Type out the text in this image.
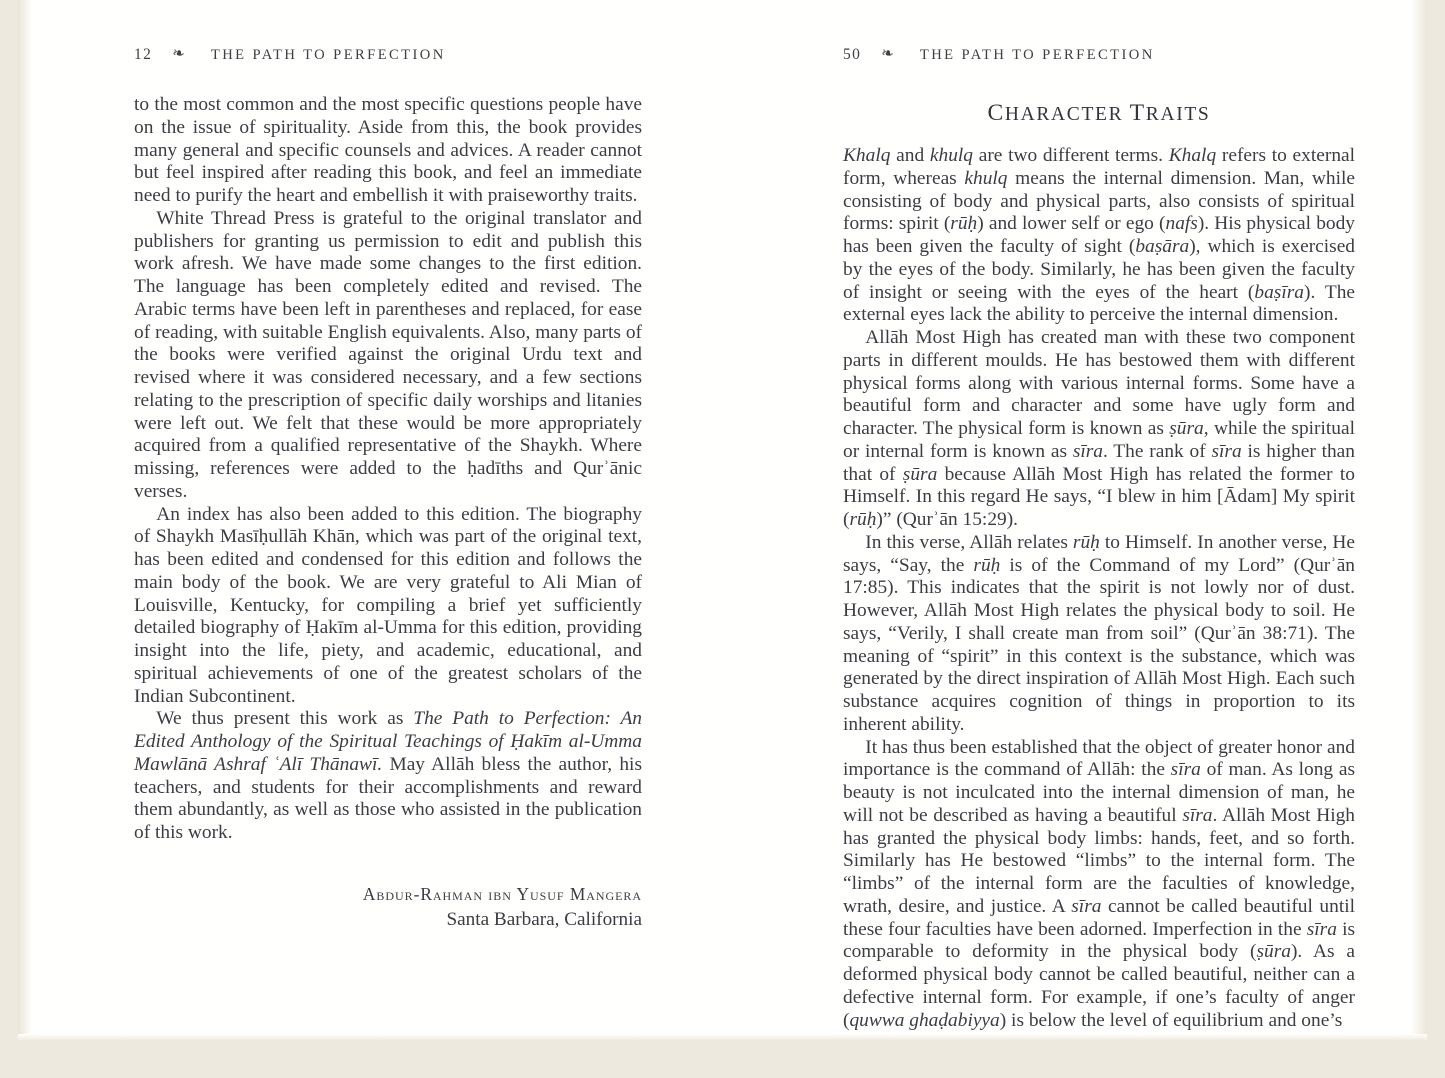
12 ❧ THE PATH TO PERFECTION

to the most common and the most specific questions people have on the issue of spirituality. Aside from this, the book provides many general and specific counsels and advices. A reader cannot but feel inspired after reading this book, and feel an immediate need to purify the heart and embellish it with praiseworthy traits.

White Thread Press is grateful to the original translator and publishers for granting us permission to edit and publish this work afresh. We have made some changes to the first edition. The language has been completely edited and revised. The Arabic terms have been left in parentheses and replaced, for ease of reading, with suitable English equivalents. Also, many parts of the books were verified against the original Urdu text and revised where it was considered necessary, and a few sections relating to the prescription of specific daily worships and litanies were left out. We felt that these would be more appropriately acquired from a qualified representative of the Shaykh. Where missing, references were added to the ḥadīths and Qurʾānic verses.

An index has also been added to this edition. The biography of Shaykh Masīḥullāh Khān, which was part of the original text, has been edited and condensed for this edition and follows the main body of the book. We are very grateful to Ali Mian of Louisville, Kentucky, for compiling a brief yet sufficiently detailed biography of Ḥakīm al-Umma for this edition, providing insight into the life, piety, and academic, educational, and spiritual achievements of one of the greatest scholars of the Indian Subcontinent.

We thus present this work as The Path to Perfection: An Edited Anthology of the Spiritual Teachings of Ḥakīm al-Umma Mawlānā Ashraf ʿAlī Thānawī. May Allāh bless the author, his teachers, and students for their accomplishments and reward them abundantly, as well as those who assisted in the publication of this work.

Abdur-Rahman ibn Yusuf Mangera
Santa Barbara, California
50 ❧ THE PATH TO PERFECTION
CHARACTER TRAITS

Khalq and khulq are two different terms. Khalq refers to external form, whereas khulq means the internal dimension. Man, while consisting of body and physical parts, also consists of spiritual forms: spirit (rūḥ) and lower self or ego (nafs). His physical body has been given the faculty of sight (baṣāra), which is exercised by the eyes of the body. Similarly, he has been given the faculty of insight or seeing with the eyes of the heart (baṣīra). The external eyes lack the ability to perceive the internal dimension.

Allāh Most High has created man with these two component parts in different moulds. He has bestowed them with different physical forms along with various internal forms. Some have a beautiful form and character and some have ugly form and character. The physical form is known as ṣūra, while the spiritual or internal form is known as sīra. The rank of sīra is higher than that of ṣūra because Allāh Most High has related the former to Himself. In this regard He says, “I blew in him [Ādam] My spirit (rūḥ)” (Qurʾān 15:29).

In this verse, Allāh relates rūḥ to Himself. In another verse, He says, “Say, the rūḥ is of the Command of my Lord” (Qurʾān 17:85). This indicates that the spirit is not lowly nor of dust. However, Allāh Most High relates the physical body to soil. He says, “Verily, I shall create man from soil” (Qurʾān 38:71). The meaning of “spirit” in this context is the substance, which was generated by the direct inspiration of Allāh Most High. Each such substance acquires cognition of things in proportion to its inherent ability.

It has thus been established that the object of greater honor and importance is the command of Allāh: the sīra of man. As long as beauty is not inculcated into the internal dimension of man, he will not be described as having a beautiful sīra. Allāh Most High has granted the physical body limbs: hands, feet, and so forth. Similarly has He bestowed “limbs” to the internal form. The “limbs” of the internal form are the faculties of knowledge, wrath, desire, and justice. A sīra cannot be called beautiful until these four faculties have been adorned. Imperfection in the sīra is comparable to deformity in the physical body (ṣūra). As a deformed physical body cannot be called beautiful, neither can a defective internal form. For example, if one’s faculty of anger (quwwa ghaḍabiyya) is below the level of equilibrium and one’s
